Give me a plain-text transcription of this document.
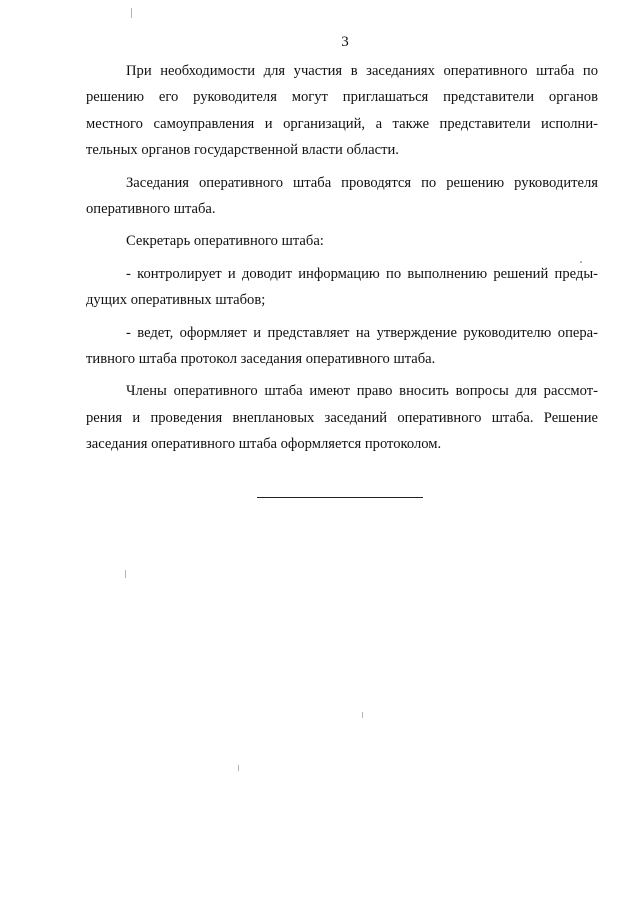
3

При необходимости для участия в заседаниях оперативного штаба по
решению его руководителя могут приглашаться представители органов
местного самоуправления и организаций, а также представители исполни-
тельных органов государственной власти области.

Заседания оперативного штаба проводятся по решению руководителя
оперативного штаба.

Секретарь оперативного штаба:

- контролирует и доводит информацию по выполнению решений преды-
дущих оперативных штабов;

- ведет, оформляет и представляет на утверждение руководителю опера-
тивного штаба протокол заседания оперативного штаба.

Члены оперативного штаба имеют право вносить вопросы для рассмот-
рения и проведения внеплановых заседаний оперативного штаба. Решение
заседания оперативного штаба оформляется протоколом.
